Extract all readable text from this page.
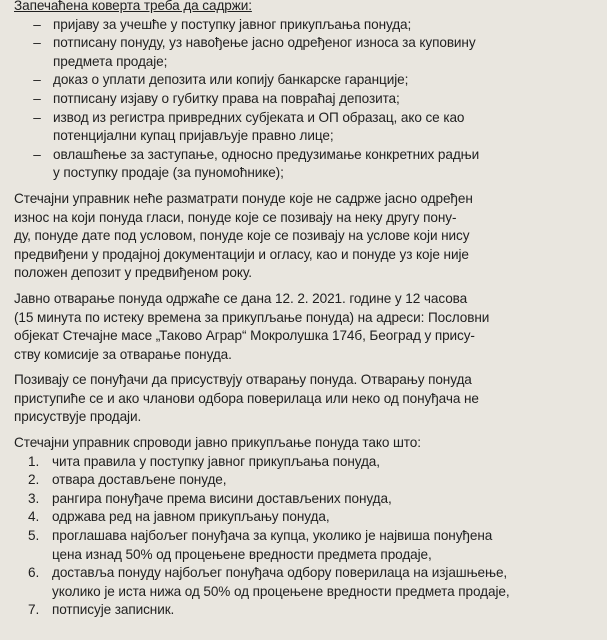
Запечаћена коверта треба да садржи:
– пријаву за учешће у поступку јавног прикупљања понуда;
– потписану понуду, уз навођење јасно одређеног износа за куповину
предмета продаје;
– доказ о уплати депозита или копију банкарске гаранције;
– потписану изјаву о губитку права на повраћај депозита;
– извод из регистра привредних субјеката и ОП образац, ако се као
потенцијални купац пријављује правно лице;
– овлашћење за заступање, односно предузимање конкретних радњи
у поступку продаје (за пуномоћнике);
Стечајни управник неће разматрати понуде које не садрже јасно одређен
износ на који понуда гласи, понуде које се позивају на неку другу пону-
ду, понуде дате под условом, понуде које се позивају на услове који нису
предвиђени у продајној документацији и огласу, као и понуде уз које није
положен депозит у предвиђеном року.
Јавно отварање понуда одржаће се дана 12. 2. 2021. године у 12 часова
(15 минута по истеку времена за прикупљање понуда) на адреси: Пословни
објекат Стечајне масе „Таково Аграр“ Мокролушка 174б, Београд у прису-
ству комисије за отварање понуда.
Позивају се понуђачи да присуствују отварању понуда. Отварању понуда
приступиће се и ако чланови одбора поверилаца или неко од понуђача не
присуствује продаји.
Стечајни управник спроводи јавно прикупљање понуда тако што:
1. чита правила у поступку јавног прикупљања понуда,
2. отвара достављене понуде,
3. рангира понуђаче према висини достављених понуда,
4. одржава ред на јавном прикупљању понуда,
5. проглашава најбољег понуђача за купца, уколико је највиша понуђена
цена изнад 50% од процењене вредности предмета продаје,
6. доставља понуду најбољег понуђача одбору поверилаца на изјашњење,
уколико је иста нижа од 50% од процењене вредности предмета продаје,
7. потписује записник.
